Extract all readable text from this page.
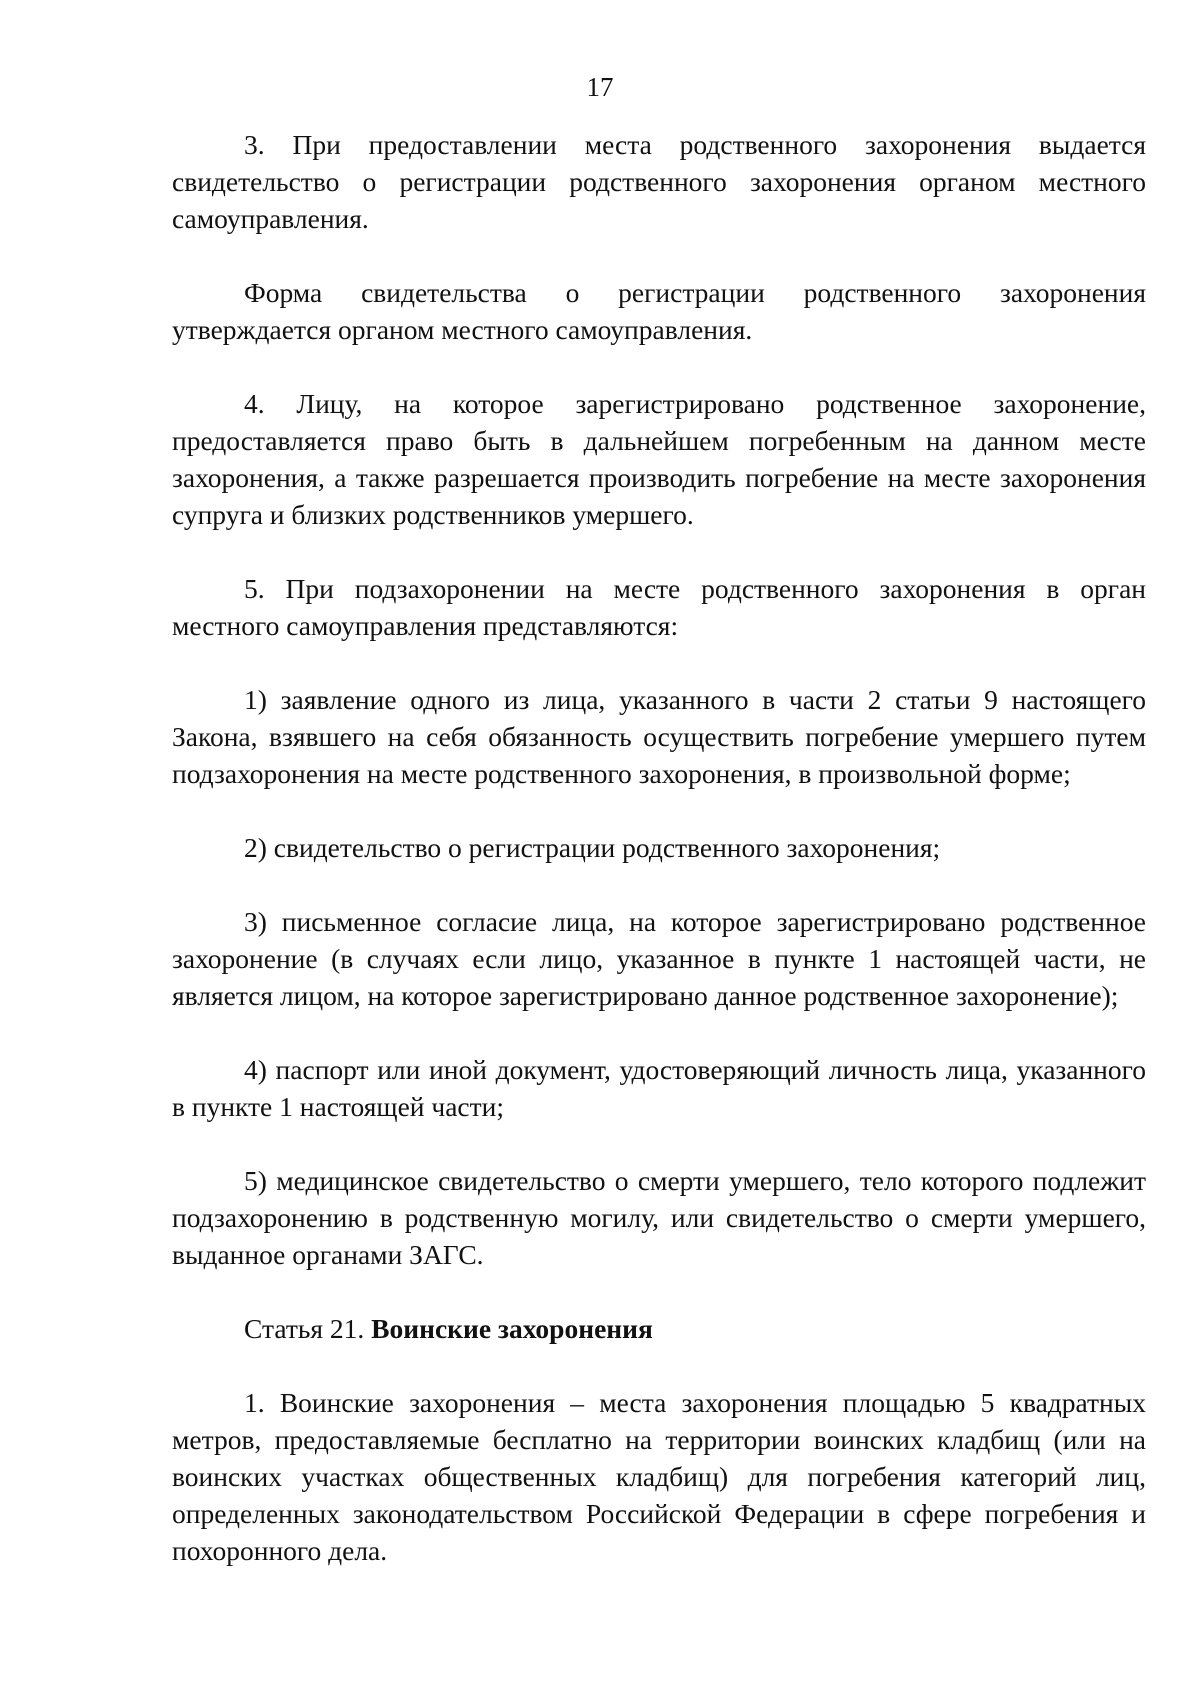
17

3. При предоставлении места родственного захоронения выдается свидетельство о регистрации родственного захоронения органом местного самоуправления.

Форма свидетельства о регистрации родственного захоронения утверждается органом местного самоуправления.

4. Лицу, на которое зарегистрировано родственное захоронение, предоставляется право быть в дальнейшем погребенным на данном месте захоронения, а также разрешается производить погребение на месте захоронения супруга и близких родственников умершего.

5. При подзахоронении на месте родственного захоронения в орган местного самоуправления представляются:

1) заявление одного из лица, указанного в части 2 статьи 9 настоящего Закона, взявшего на себя обязанность осуществить погребение умершего путем подзахоронения на месте родственного захоронения, в произвольной форме;

2) свидетельство о регистрации родственного захоронения;

3) письменное согласие лица, на которое зарегистрировано родственное захоронение (в случаях если лицо, указанное в пункте 1 настоящей части, не является лицом, на которое зарегистрировано данное родственное захоронение);

4) паспорт или иной документ, удостоверяющий личность лица, указанного в пункте 1 настоящей части;

5) медицинское свидетельство о смерти умершего, тело которого подлежит подзахоронению в родственную могилу, или свидетельство о смерти умершего, выданное органами ЗАГС.

Статья 21. Воинские захоронения

1. Воинские захоронения – места захоронения площадью 5 квадратных метров, предоставляемые бесплатно на территории воинских кладбищ (или на воинских участках общественных кладбищ) для погребения категорий лиц, определенных законодательством Российской Федерации в сфере погребения и похоронного дела.
